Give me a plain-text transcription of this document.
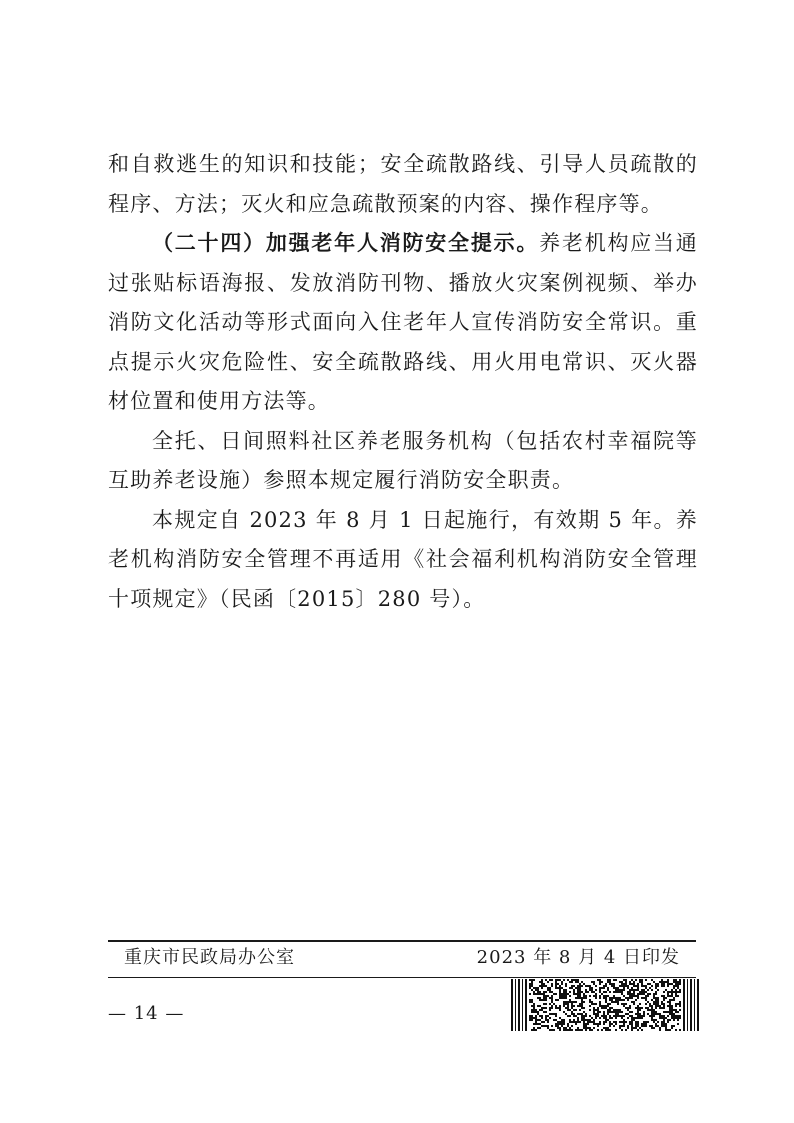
和自救逃生的知识和技能；安全疏散路线、引导人员疏散的程序、方法；灭火和应急疏散预案的内容、操作程序等。

（二十四）加强老年人消防安全提示。养老机构应当通过张贴标语海报、发放消防刊物、播放火灾案例视频、举办消防文化活动等形式面向入住老年人宣传消防安全常识。重点提示火灾危险性、安全疏散路线、用火用电常识、灭火器材位置和使用方法等。

全托、日间照料社区养老服务机构（包括农村幸福院等互助养老设施）参照本规定履行消防安全职责。

本规定自 2023 年 8 月 1 日起施行，有效期 5 年。养老机构消防安全管理不再适用《社会福利机构消防安全管理十项规定》（民函〔2015〕280 号）。

重庆市民政局办公室	2023 年 8 月 4 日印发
— 14 —
